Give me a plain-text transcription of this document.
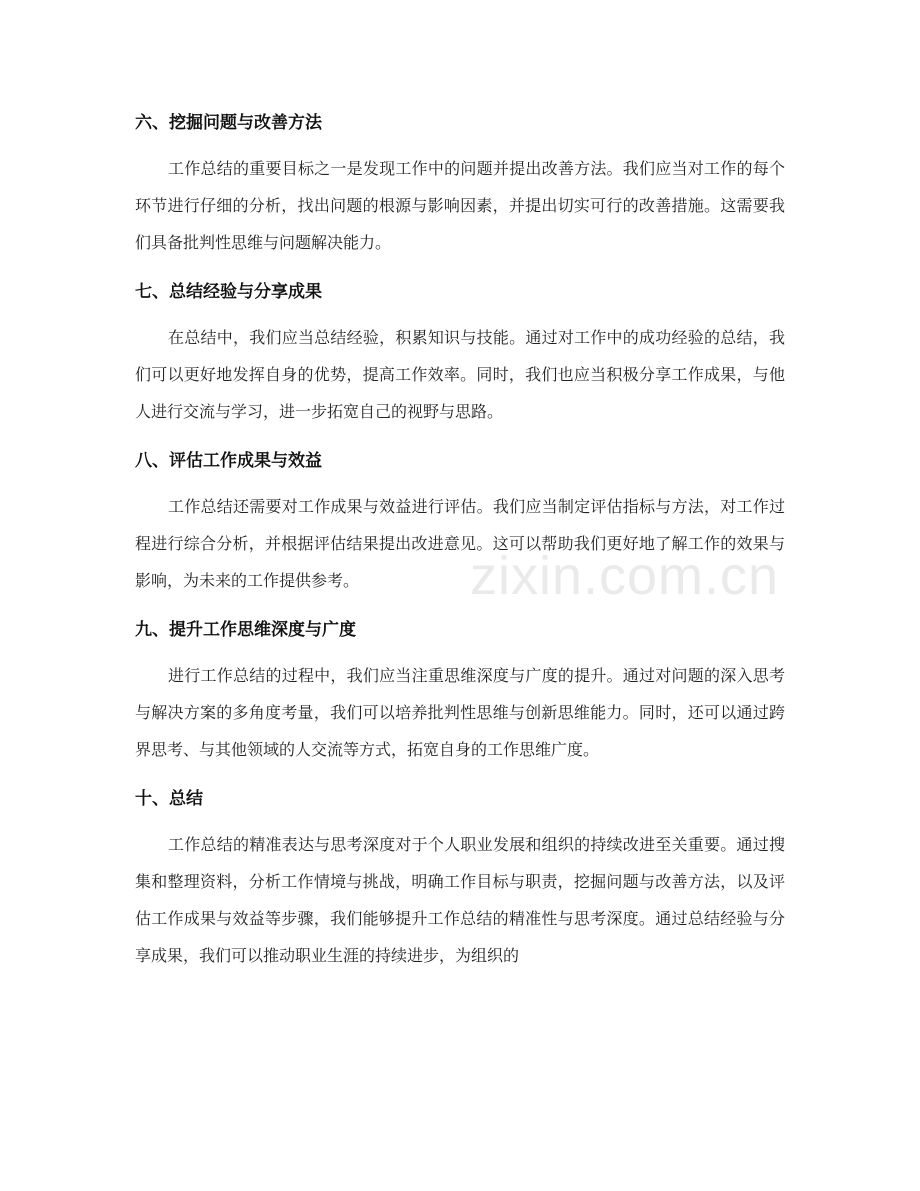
六、挖掘问题与改善方法

工作总结的重要目标之一是发现工作中的问题并提出改善方法。我们应当对工作的每个环节进行仔细的分析，找出问题的根源与影响因素，并提出切实可行的改善措施。这需要我们具备批判性思维与问题解决能力。

七、总结经验与分享成果

在总结中，我们应当总结经验，积累知识与技能。通过对工作中的成功经验的总结，我们可以更好地发挥自身的优势，提高工作效率。同时，我们也应当积极分享工作成果，与他人进行交流与学习，进一步拓宽自己的视野与思路。

八、评估工作成果与效益

工作总结还需要对工作成果与效益进行评估。我们应当制定评估指标与方法，对工作过程进行综合分析，并根据评估结果提出改进意见。这可以帮助我们更好地了解工作的效果与影响，为未来的工作提供参考。

九、提升工作思维深度与广度

进行工作总结的过程中，我们应当注重思维深度与广度的提升。通过对问题的深入思考与解决方案的多角度考量，我们可以培养批判性思维与创新思维能力。同时，还可以通过跨界思考、与其他领域的人交流等方式，拓宽自身的工作思维广度。

十、总结

工作总结的精准表达与思考深度对于个人职业发展和组织的持续改进至关重要。通过搜集和整理资料，分析工作情境与挑战，明确工作目标与职责，挖掘问题与改善方法，以及评估工作成果与效益等步骤，我们能够提升工作总结的精准性与思考深度。通过总结经验与分享成果，我们可以推动职业生涯的持续进步，为组织的

zixin.com.cn
